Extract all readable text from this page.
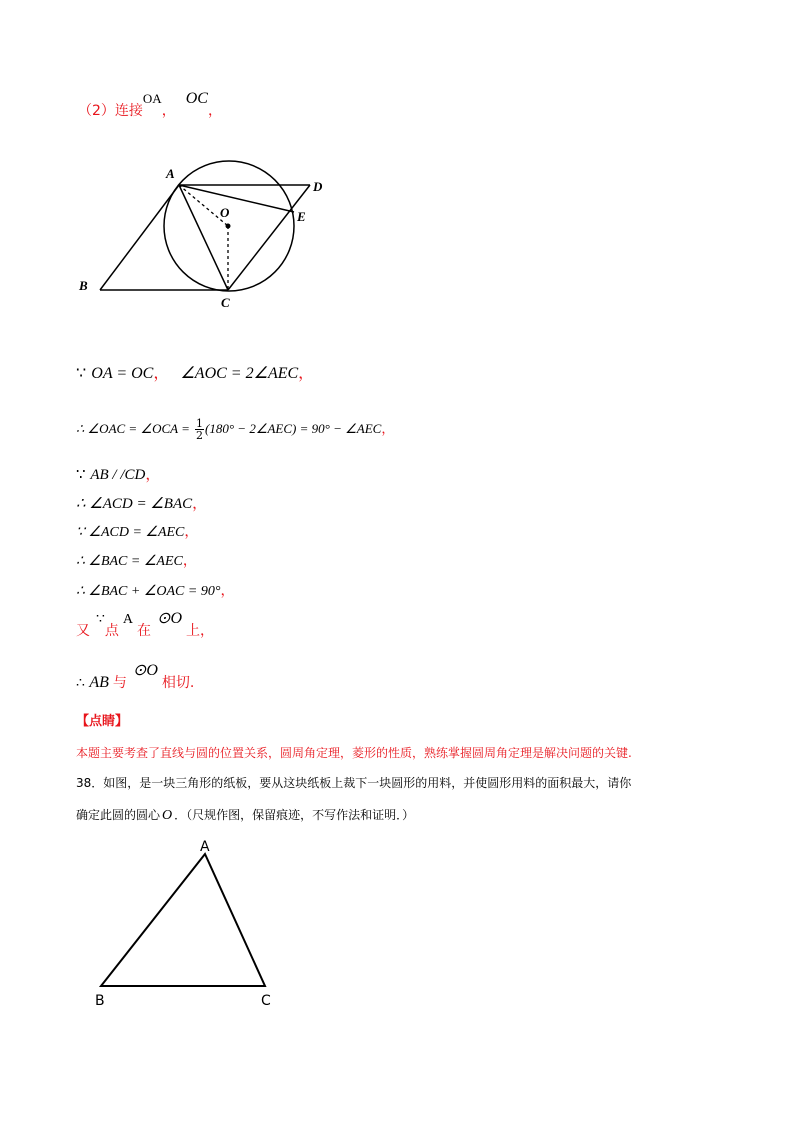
（2）连接OA，OC，
A
D
E
O
B
C
∵ OA = OC， ∠AOC = 2∠AEC，
∴ ∠OAC = ∠OCA = $\frac{1}{2} (180^\circ$ − 2∠AEC) = 90° − ∠AEC，
∵ AB / /CD，
∴ ∠ACD = ∠BAC，
∵ ∠ACD = ∠AEC，
∴ ∠BAC = ∠AEC，
∴ ∠BAC + ∠OAC = 90°，
又∵点A在⊙O上，
∴ AB 与⊙O相切.
【点睛】
本题主要考查了直线与圆的位置关系，圆周角定理，菱形的性质，熟练掌握圆周角定理是解决问题的关键.
38．如图，是一块三角形的纸板，要从这块纸板上裁下一块圆形的用料，并使圆形用料的面积最大，请你
确定此圆的圆心 O ．（尺规作图，保留痕迹，不写作法和证明．）
A
B	C
